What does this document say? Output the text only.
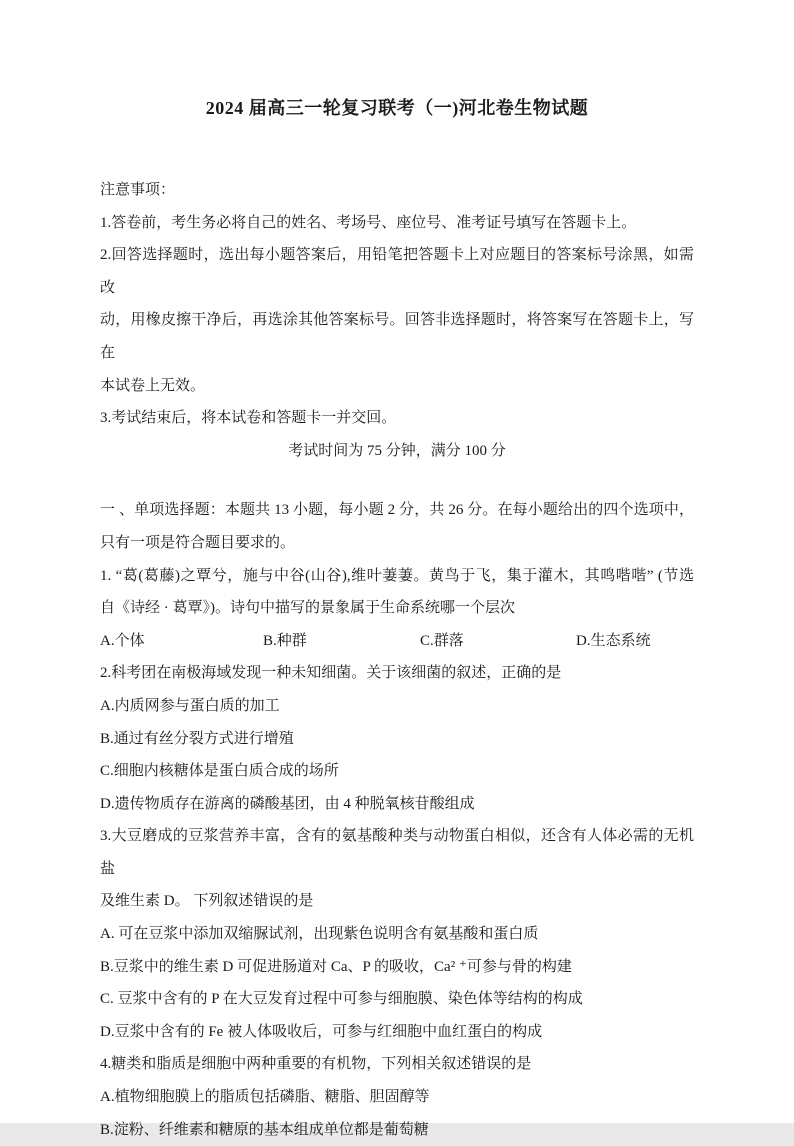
2024 届高三一轮复习联考（一)河北卷生物试题
注意事项：
1.答卷前，考生务必将自己的姓名、考场号、座位号、准考证号填写在答题卡上。
2.回答选择题时，选出每小题答案后，用铅笔把答题卡上对应题目的答案标号涂黑，如需改
动，用橡皮擦干净后，再选涂其他答案标号。回答非选择题时，将答案写在答题卡上，写在
本试卷上无效。
3.考试结束后，将本试卷和答题卡一并交回。
考试时间为 75 分钟，满分 100 分
一 、单项选择题：本题共 13 小题，每小题 2 分，共 26 分。在每小题给出的四个选项中，
只有一项是符合题目要求的。
1. “葛(葛藤)之覃兮，施与中谷(山谷),维叶萋萋。黄鸟于飞，集于灌木，其鸣喈喈” (节选
自《诗经 · 葛覃》)。诗句中描写的景象属于生命系统哪一个层次
A.个体	B.种群	C.群落	D.生态系统
2.科考团在南极海域发现一种未知细菌。关于该细菌的叙述，正确的是
A.内质网参与蛋白质的加工
B.通过有丝分裂方式进行增殖
C.细胞内核糖体是蛋白质合成的场所
D.遗传物质存在游离的磷酸基团，由 4 种脱氧核苷酸组成
3.大豆磨成的豆浆营养丰富，含有的氨基酸种类与动物蛋白相似，还含有人体必需的无机盐
及维生素 D。 下列叙述错误的是
A. 可在豆浆中添加双缩脲试剂，出现紫色说明含有氨基酸和蛋白质
B.豆浆中的维生素 D 可促进肠道对 Ca、P 的吸收，Ca² ⁺可参与骨的构建
C. 豆浆中含有的 P 在大豆发育过程中可参与细胞膜、染色体等结构的构成
D.豆浆中含有的 Fe 被人体吸收后，可参与红细胞中血红蛋白的构成
4.糖类和脂质是细胞中两种重要的有机物，下列相关叙述错误的是
A.植物细胞膜上的脂质包括磷脂、糖脂、胆固醇等
B.淀粉、纤维素和糖原的基本组成单位都是葡萄糖
